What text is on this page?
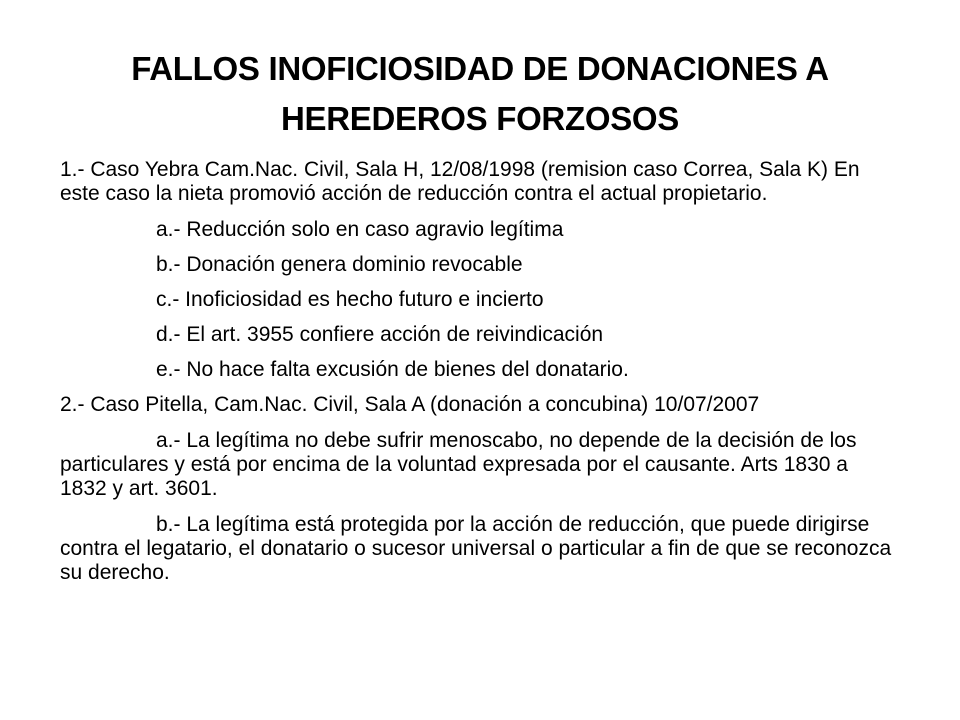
FALLOS INOFICIOSIDAD DE DONACIONES A HEREDEROS FORZOSOS

1.- Caso Yebra Cam.Nac. Civil, Sala H, 12/08/1998 (remision caso Correa, Sala K) En este caso la nieta promovió acción de reducción contra el actual propietario.

a.- Reducción solo en caso agravio legítima

b.- Donación genera dominio revocable

c.- Inoficiosidad es hecho futuro e incierto

d.- El art. 3955 confiere acción de reivindicación

e.- No hace falta excusión de bienes del donatario.

2.- Caso Pitella, Cam.Nac. Civil, Sala A (donación a concubina) 10/07/2007

a.- La legítima no debe sufrir menoscabo, no depende de la decisión de los particulares y está por encima de la voluntad expresada por el causante. Arts 1830 a 1832 y art. 3601.

b.- La legítima está protegida por la acción de reducción, que puede dirigirse contra el legatario, el donatario o sucesor universal o particular a fin de que se reconozca su derecho.
